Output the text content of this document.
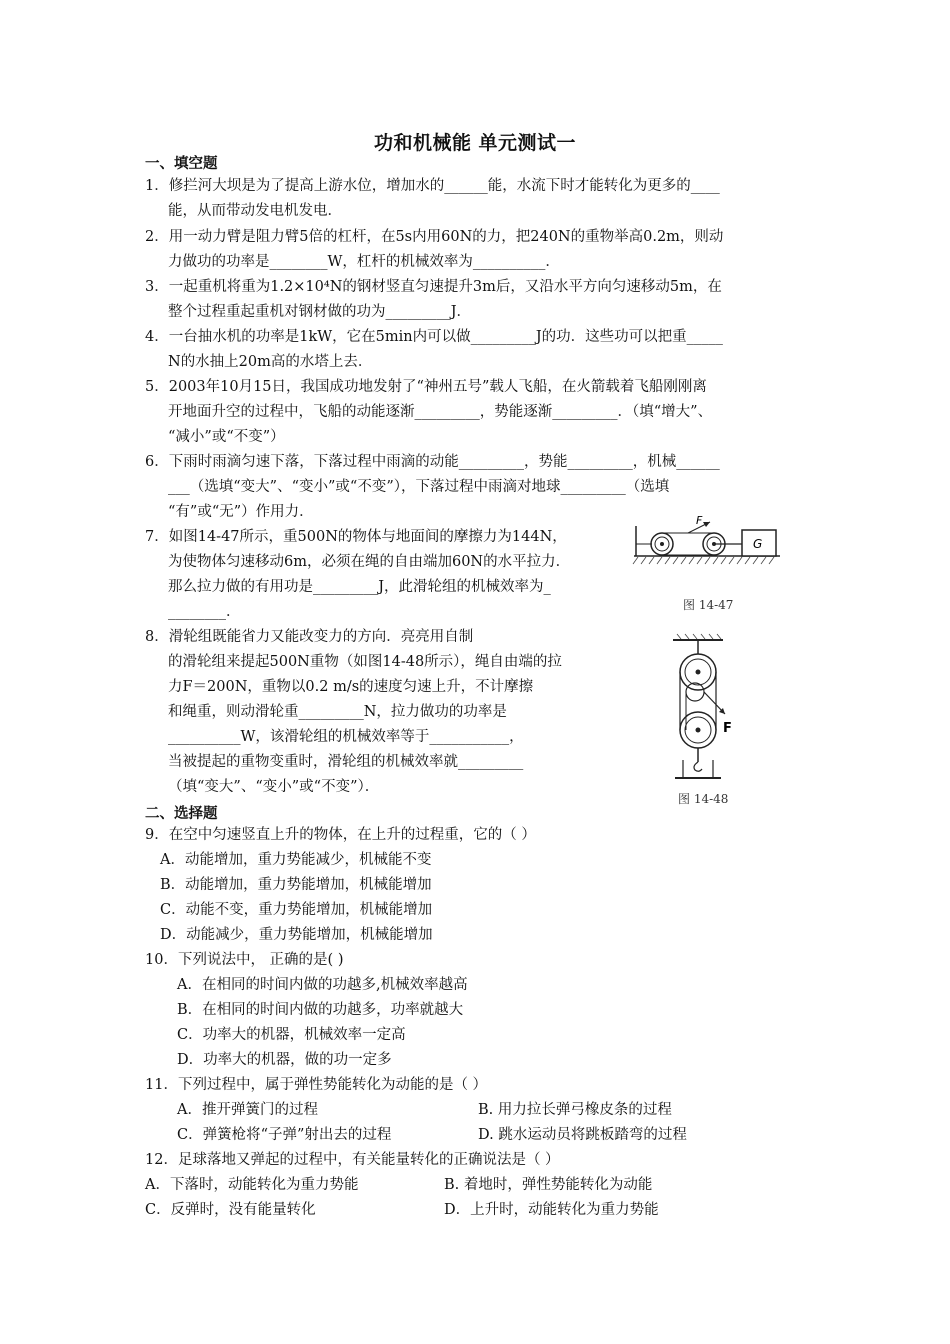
功和机械能 单元测试一
一、填空题
1．修拦河大坝是为了提高上游水位，增加水的______能，水流下时才能转化为更多的____
能，从而带动发电机发电．
2．用一动力臂是阻力臂5倍的杠杆，在5s内用60N的力，把240N的重物举高0.2m，则动
力做功的功率是________W，杠杆的机械效率为__________．
3．一起重机将重为1.2×10⁴N的钢材竖直匀速提升3m后，又沿水平方向匀速移动5m，在
整个过程重起重机对钢材做的功为_________J．
4．一台抽水机的功率是1kW，它在5min内可以做_________J的功．这些功可以把重_____
N的水抽上20m高的水塔上去．
5．2003年10月15日，我国成功地发射了“神州五号”载人飞船，在火箭载着飞船刚刚离
开地面升空的过程中，飞船的动能逐渐_________，势能逐渐_________．（填“增大”、
“减小”或“不变”）
6．下雨时雨滴匀速下落，下落过程中雨滴的动能_________，势能_________，机械______
___（选填“变大”、“变小”或“不变”），下落过程中雨滴对地球_________（选填
“有”或“无”）作用力．
7．如图14-47所示，重500N的物体与地面间的摩擦力为144N，
为使物体匀速移动6m，必须在绳的自由端加60N的水平拉力．
那么拉力做的有用功是_________J，此滑轮组的机械效率为_
________．
F
G
图 14-47
8．滑轮组既能省力又能改变力的方向．亮亮用自制
的滑轮组来提起500N重物（如图14-48所示），绳自由端的拉
力F＝200N，重物以0.2 m/s的速度匀速上升，不计摩擦
和绳重，则动滑轮重_________N，拉力做功的功率是
__________W，该滑轮组的机械效率等于___________，
当被提起的重物变重时，滑轮组的机械效率就_________
（填“变大”、“变小”或“不变”）．
F
图 14-48
二、选择题
9．在空中匀速竖直上升的物体，在上升的过程重，它的（ ）
A．动能增加，重力势能减少，机械能不变
B．动能增加，重力势能增加，机械能增加
C．动能不变，重力势能增加，机械能增加
D．动能减少，重力势能增加，机械能增加
10．下列说法中， 正确的是( )
A．在相同的时间内做的功越多,机械效率越高
B．在相同的时间内做的功越多，功率就越大
C．功率大的机器，机械效率一定高
D．功率大的机器，做的功一定多
11．下列过程中，属于弹性势能转化为动能的是（ ）
A．推开弹簧门的过程	B. 用力拉长弹弓橡皮条的过程
C．弹簧枪将“子弹”射出去的过程	D. 跳水运动员将跳板踏弯的过程
12．足球落地又弹起的过程中，有关能量转化的正确说法是（ ）
A．下落时，动能转化为重力势能	B. 着地时，弹性势能转化为动能
C．反弹时，没有能量转化	D．上升时，动能转化为重力势能
